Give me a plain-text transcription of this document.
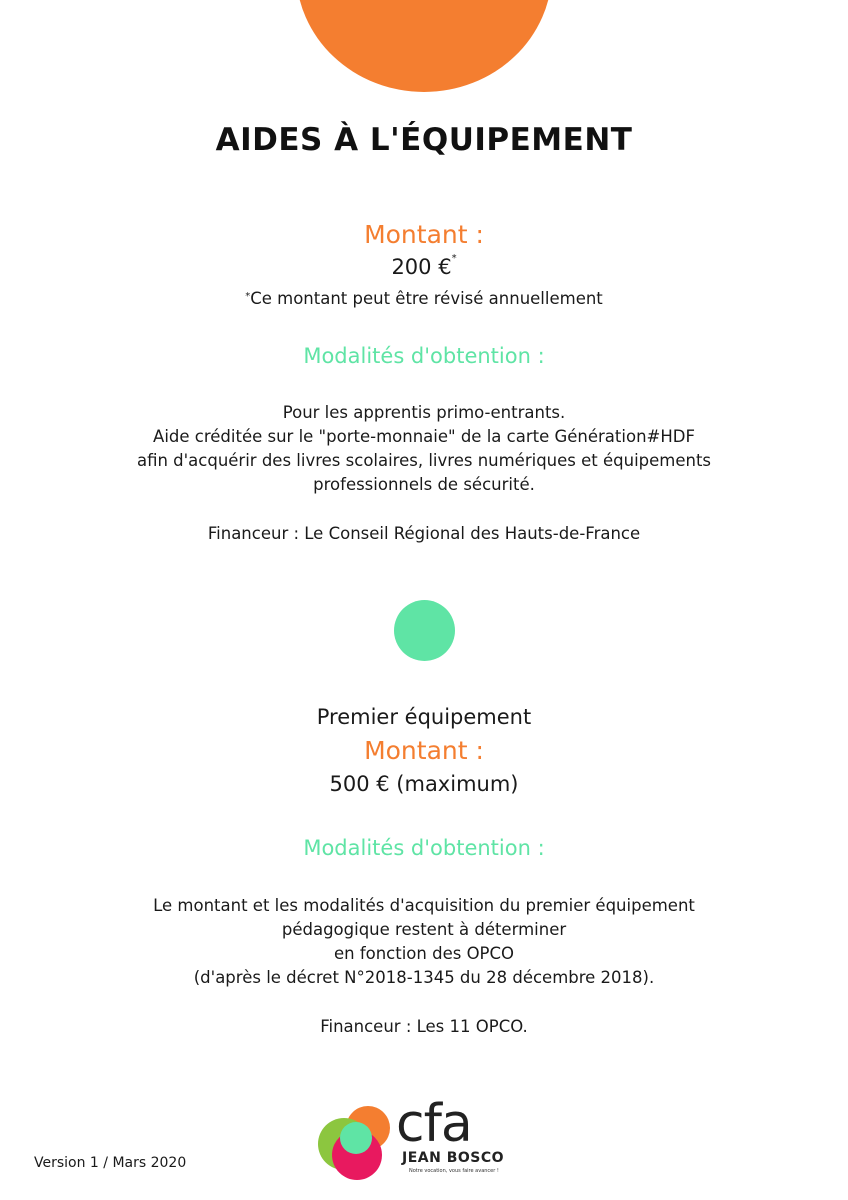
AIDES À L'ÉQUIPEMENT
Montant :
200 €*
*Ce montant peut être révisé annuellement
Modalités d'obtention :
Pour les apprentis primo-entrants.
Aide créditée sur le "porte-monnaie" de la carte Génération#HDF
afin d'acquérir des livres scolaires, livres numériques et équipements
professionnels de sécurité.
Financeur : Le Conseil Régional des Hauts-de-France
Premier équipement
Montant :
500 € (maximum)
Modalités d'obtention :
Le montant et les modalités d'acquisition du premier équipement
pédagogique restent à déterminer
en fonction des OPCO
(d'après le décret N°2018-1345 du 28 décembre 2018).
Financeur : Les 11 OPCO.
Version 1 / Mars 2020
cfa
JEAN BOSCO
Notre vocation, vous faire avancer !
